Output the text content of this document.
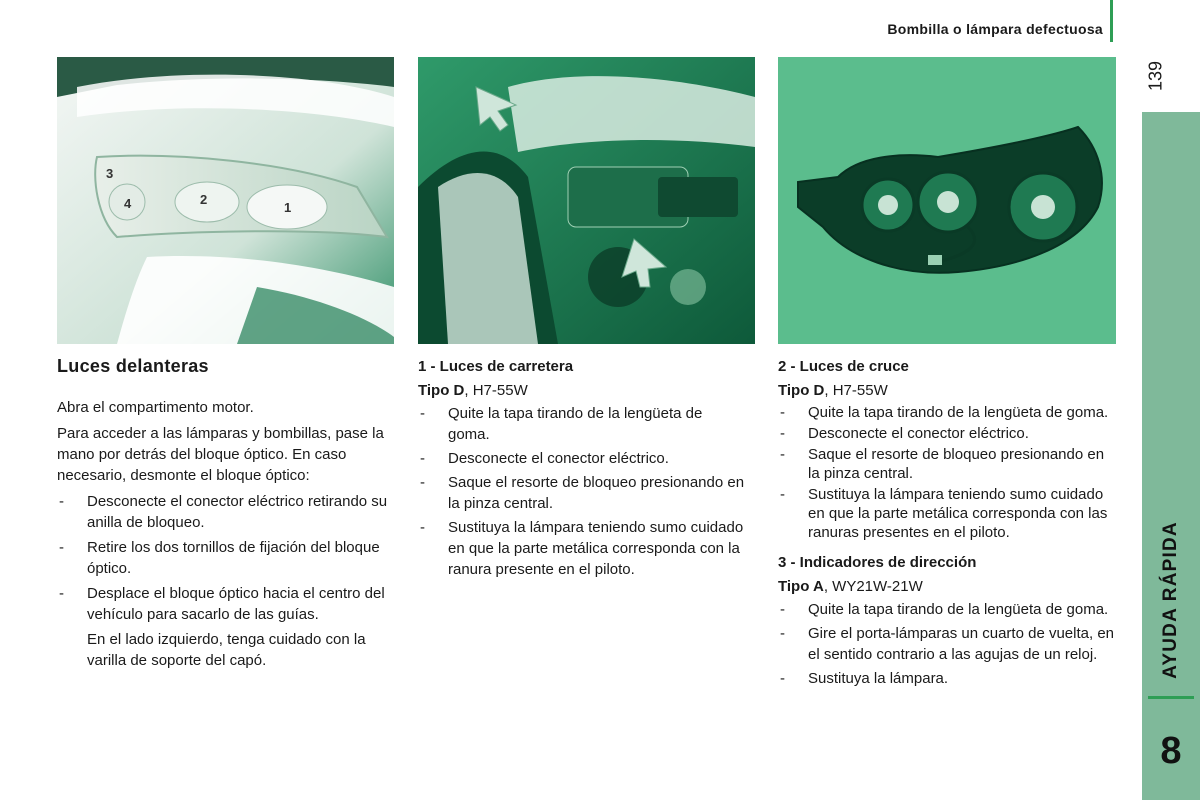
Bombilla o lámpara defectuosa
139
AYUDA RÁPIDA
8
3
4	2
1
Luces delanteras

Abra el compartimento motor.

Para acceder a las lámparas y bombillas, pase la mano por detrás del bloque óptico. En caso necesario, desmonte el bloque óptico:

- Desconecte el conector eléctrico retirando su anilla de bloqueo.
- Retire los dos tornillos de fijación del bloque óptico.
- Desplace el bloque óptico hacia el centro del vehículo para sacarlo de las guías.

En el lado izquierdo, tenga cuidado con la varilla de soporte del capó.

1 - Luces de carretera

Tipo D, H7-55W

- Quite la tapa tirando de la lengüeta de goma.
- Desconecte el conector eléctrico.
- Saque el resorte de bloqueo presionando en la pinza central.
- Sustituya la lámpara teniendo sumo cuidado en que la parte metálica corresponda con la ranura presente en el piloto.

2 - Luces de cruce

Tipo D, H7-55W

- Quite la tapa tirando de la lengüeta de goma.
- Desconecte el conector eléctrico.
- Saque el resorte de bloqueo presionando en la pinza central.
- Sustituya la lámpara teniendo sumo cuidado en que la parte metálica corresponda con las ranuras presentes en el piloto.

3 - Indicadores de dirección

Tipo A, WY21W-21W

- Quite la tapa tirando de la lengüeta de goma.
- Gire el porta-lámparas un cuarto de vuelta, en el sentido contrario a las agujas de un reloj.
- Sustituya la lámpara.
